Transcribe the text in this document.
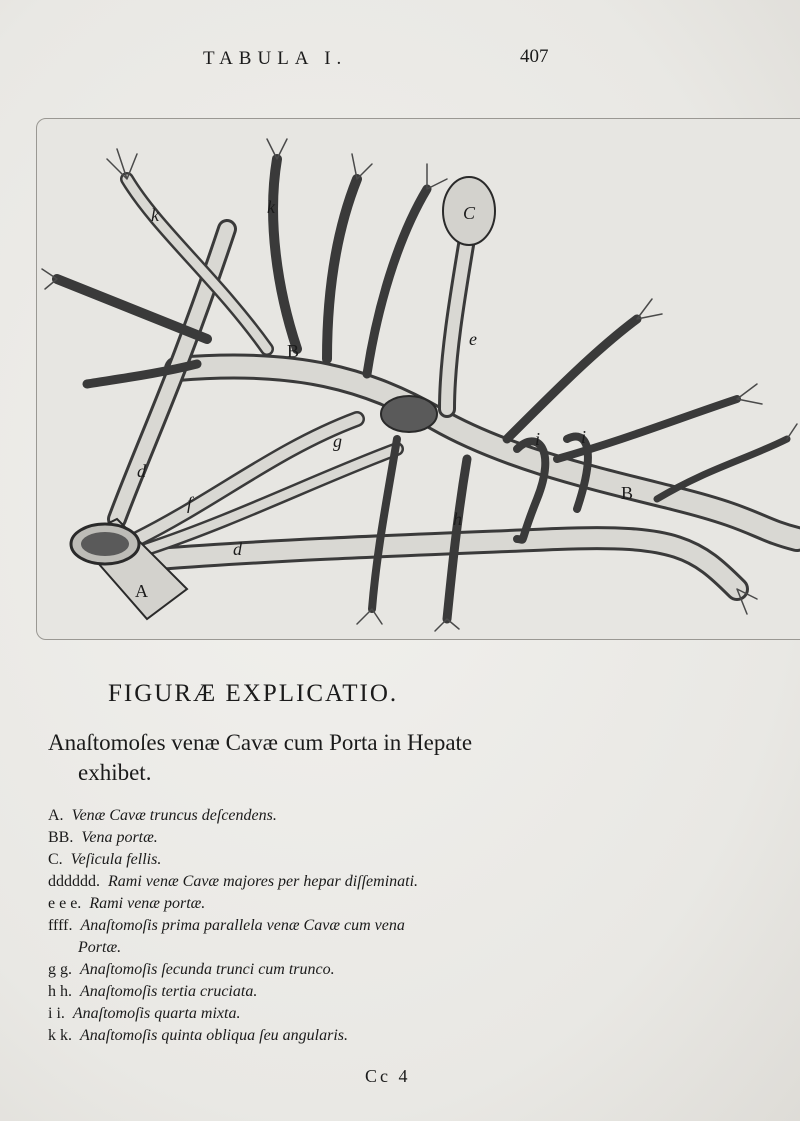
TABULA I.	407
A
B
B
C
d
d
e
f
g
h
i i
k	k
FIGURÆ EXPLICATIO.
Anaſtomoſes venæ Cavæ cum Porta in Hepate
exhibet.
A. Venæ Cavæ truncus deſcendens.
BB. Vena portæ.
C. Veſicula fellis.
dddddd. Rami venæ Cavæ majores per hepar diſſeminati.
e e e. Rami venæ portæ.
ffff. Anaſtomoſis prima parallela venæ Cavæ cum vena
Portæ.
g g. Anaſtomoſis ſecunda trunci cum trunco.
h h. Anaſtomoſis tertia cruciata.
i i. Anaſtomoſis quarta mixta.
k k. Anaſtomoſis quinta obliqua ſeu angularis.
Cc 4
